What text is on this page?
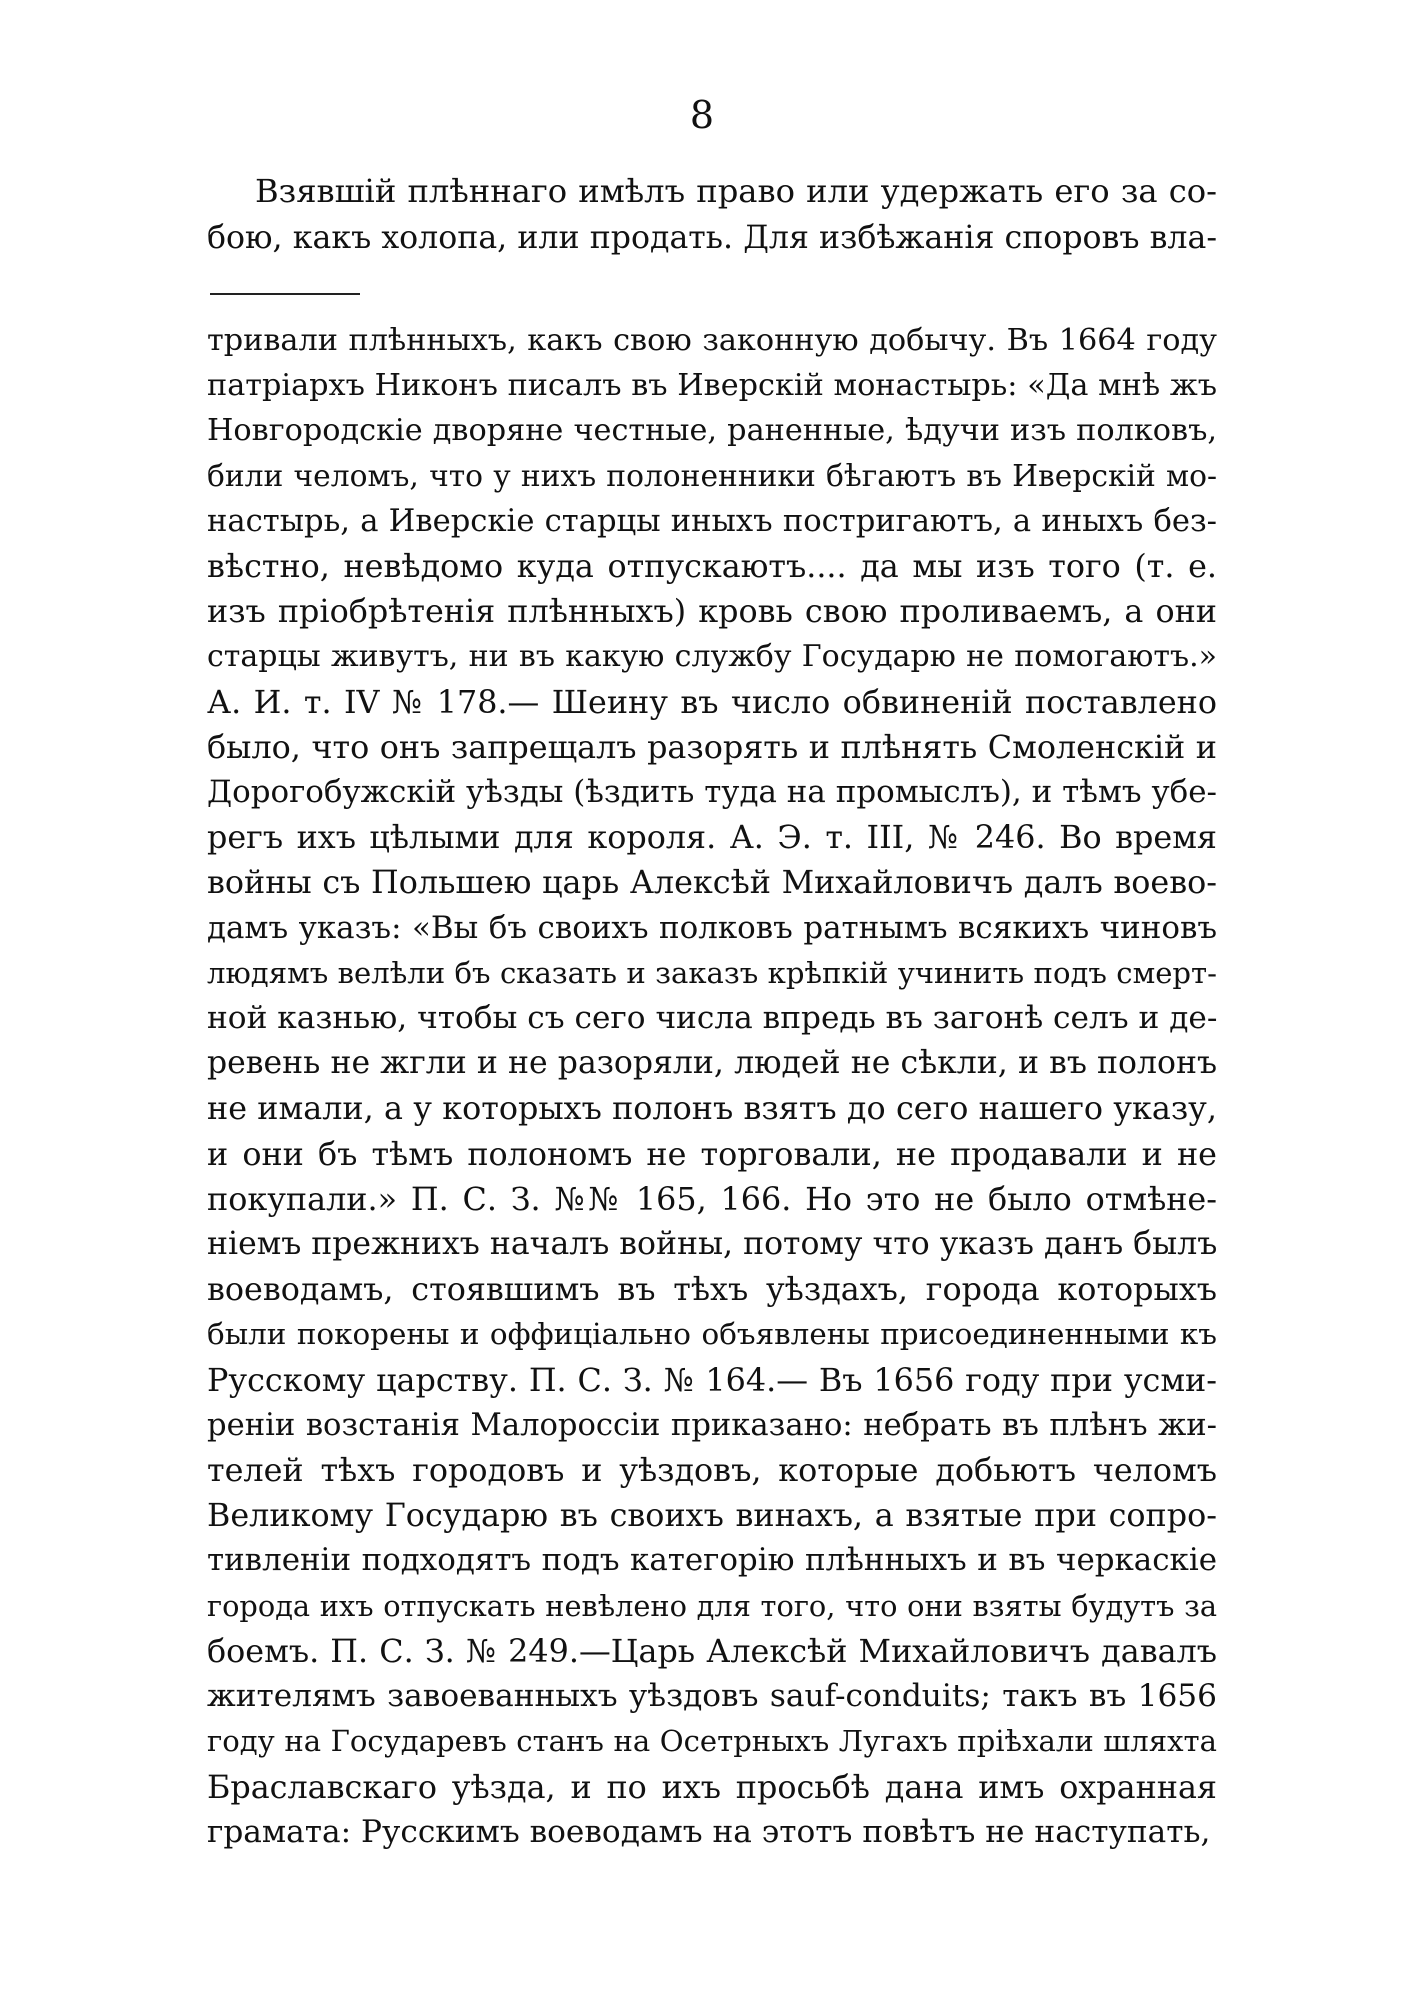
8
Взявшій плѣннаго имѣлъ право или удержать его за со-
бою, какъ холопа, или продать. Для избѣжанія споровъ вла-
тривали плѣнныхъ, какъ свою законную добычу. Въ 1664 году
патріархъ Никонъ писалъ въ Иверскій монастырь: «Да мнѣ жъ
Новгородскіе дворяне честные, раненные, ѣдучи изъ полковъ,
били челомъ, что у нихъ полоненники бѣгаютъ въ Иверскій мо-
настырь, а Иверскіе старцы иныхъ постригаютъ, а иныхъ без-
вѣстно, невѣдомо куда отпускаютъ.... да мы изъ того (т. е.
изъ пріобрѣтенія плѣнныхъ) кровь свою проливаемъ, а они
старцы живутъ, ни въ какую службу Государю не помогаютъ.»
А. И. т. IV № 178.— Шеину въ число обвиненій поставлено
было, что онъ запрещалъ разорять и плѣнять Смоленскій и
Дорогобужскій уѣзды (ѣздить туда на промыслъ), и тѣмъ убе-
регъ ихъ цѣлыми для короля. А. Э. т. III, № 246. Во время
войны съ Польшею царь Алексѣй Михайловичъ далъ воево-
дамъ указъ: «Вы бъ своихъ полковъ ратнымъ всякихъ чиновъ
людямъ велѣли бъ сказать и заказъ крѣпкій учинить подъ смерт-
ной казнью, чтобы съ сего числа впредь въ загонѣ селъ и де-
ревень не жгли и не разоряли, людей не сѣкли, и въ полонъ
не имали, а у которыхъ полонъ взятъ до сего нашего указу,
и они бъ тѣмъ полономъ не торговали, не продавали и не
покупали.» П. С. З. №№ 165, 166. Но это не было отмѣне-
ніемъ прежнихъ началъ войны, потому что указъ данъ былъ
воеводамъ, стоявшимъ въ тѣхъ уѣздахъ, города которыхъ
были покорены и оффиціально объявлены присоединенными къ
Русскому царству. П. С. З. № 164.— Въ 1656 году при усми-
реніи возстанія Малороссіи приказано: небрать въ плѣнъ жи-
телей тѣхъ городовъ и уѣздовъ, которые добьютъ челомъ
Великому Государю въ своихъ винахъ, а взятые при сопро-
тивленіи подходятъ подъ категорію плѣнныхъ и въ черкаскіе
города ихъ отпускать невѣлено для того, что они взяты будутъ за
боемъ. П. С. З. № 249.—Царь Алексѣй Михайловичъ давалъ
жителямъ завоеванныхъ уѣздовъ sauf-conduits; такъ въ 1656
году на Государевъ станъ на Осетрныхъ Лугахъ пріѣхали шляхта
Браславскаго уѣзда, и по ихъ просьбѣ дана имъ охранная
грамата: Русскимъ воеводамъ на этотъ повѣтъ не наступать,
